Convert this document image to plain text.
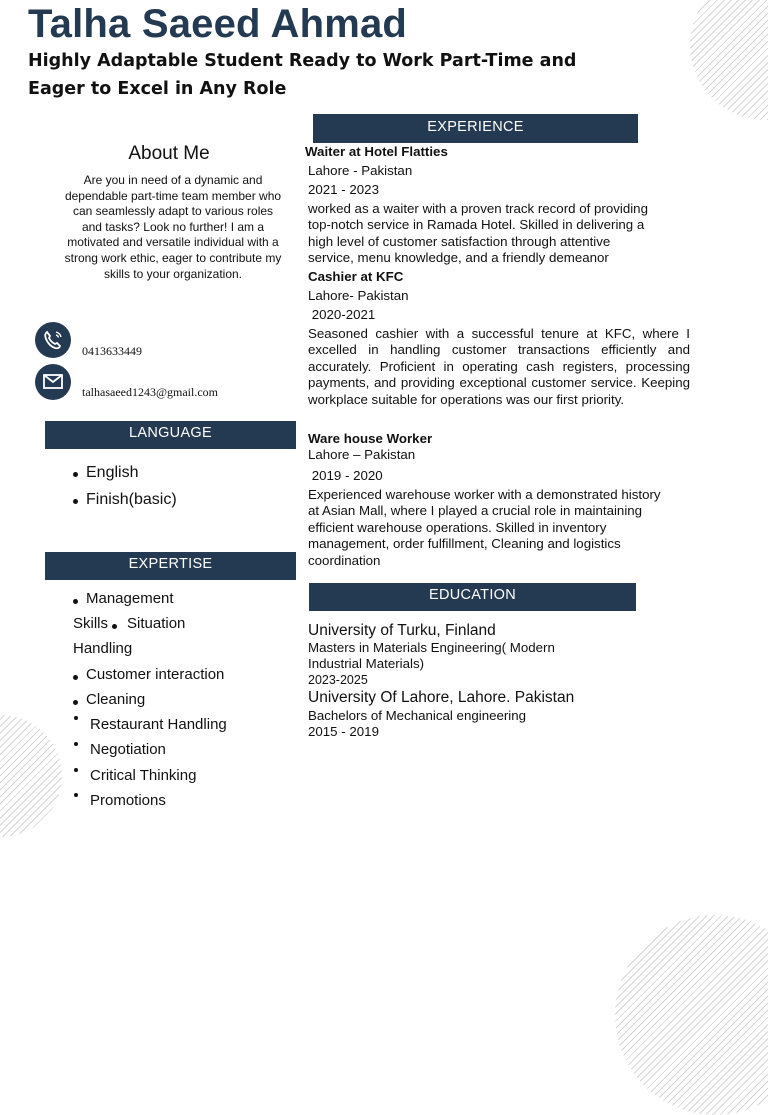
Talha Saeed Ahmad
Highly Adaptable Student Ready to Work Part-Time and
Eager to Excel in Any Role
About Me
Are you in need of a dynamic and dependable part-time team member who can seamlessly adapt to various roles and tasks? Look no further! I am a motivated and versatile individual with a strong work ethic, eager to contribute my skills to your organization.
0413633449
talhasaeed1243@gmail.com
LANGUAGE
English
Finish(basic)
EXPERTISE
Management
Skills Situation
Handling
Customer interaction
Cleaning
Restaurant Handling
Negotiation
Critical Thinking
Promotions
EXPERIENCE
Waiter at Hotel Flatties
Lahore - Pakistan
2021 - 2023
worked as a waiter with a proven track record of providing
top-notch service in Ramada Hotel. Skilled in delivering a
high level of customer satisfaction through attentive
service, menu knowledge, and a friendly demeanor
Cashier at KFC
Lahore- Pakistan
2020-2021
Seasoned cashier with a successful tenure at KFC, where I excelled in handling customer transactions efficiently and accurately. Proficient in operating cash registers, processing payments, and providing exceptional customer service. Keeping workplace suitable for operations was our first priority.
Ware house Worker
Lahore – Pakistan
2019 - 2020
Experienced warehouse worker with a demonstrated history at Asian Mall, where I played a crucial role in maintaining efficient warehouse operations. Skilled in inventory management, order fulfillment, Cleaning and logistics coordination
EDUCATION
University of Turku, Finland
Masters in Materials Engineering( Modern
Industrial Materials)
2023-2025
University Of Lahore, Lahore. Pakistan
Bachelors of Mechanical engineering
2015 - 2019
